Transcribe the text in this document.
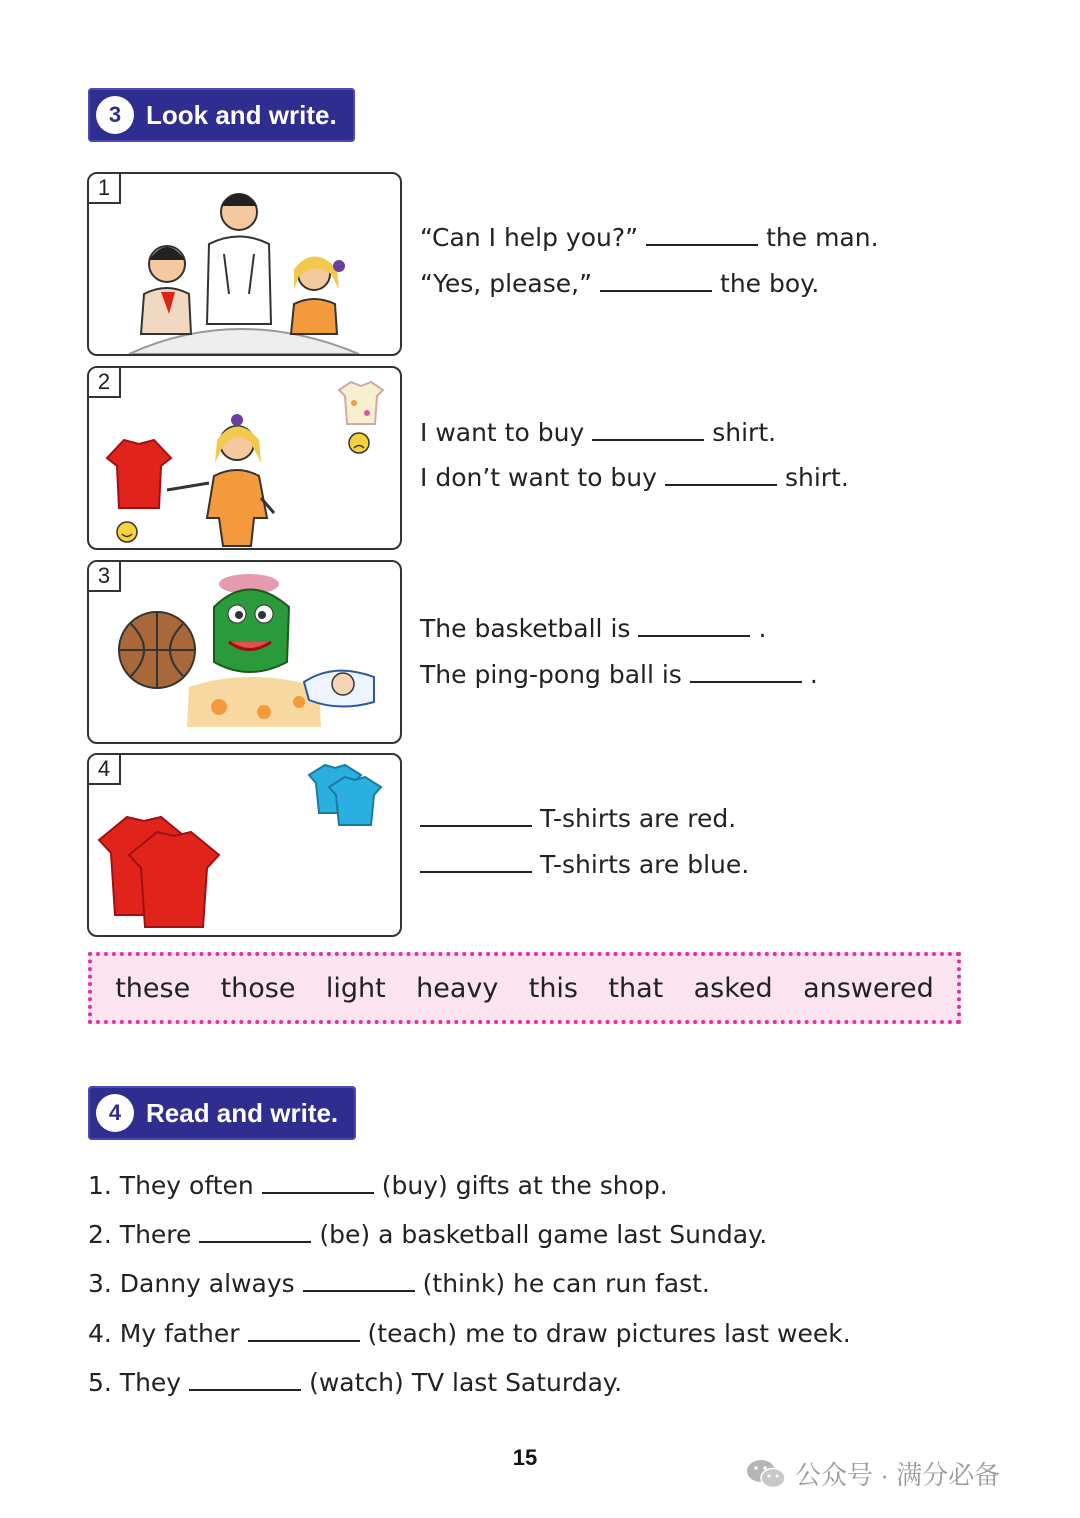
3 Look and write.
1
“Can I help you?”	the man.
“Yes, please,”	the boy.
2
I want to buy	shirt.
I don’t want to buy	shirt.
3
The basketball is	.
The ping-pong ball is	.
4
T-shirts are red.
T-shirts are blue.
these those light heavy this that asked answered
4 Read and write.
1. They often	(buy) gifts at the shop.
2. There	(be) a basketball game last Sunday.
3. Danny always	(think) he can run fast.
4. My father	(teach) me to draw pictures last week.
5. They	(watch) TV last Saturday.
15
公众号 · 满分必备
